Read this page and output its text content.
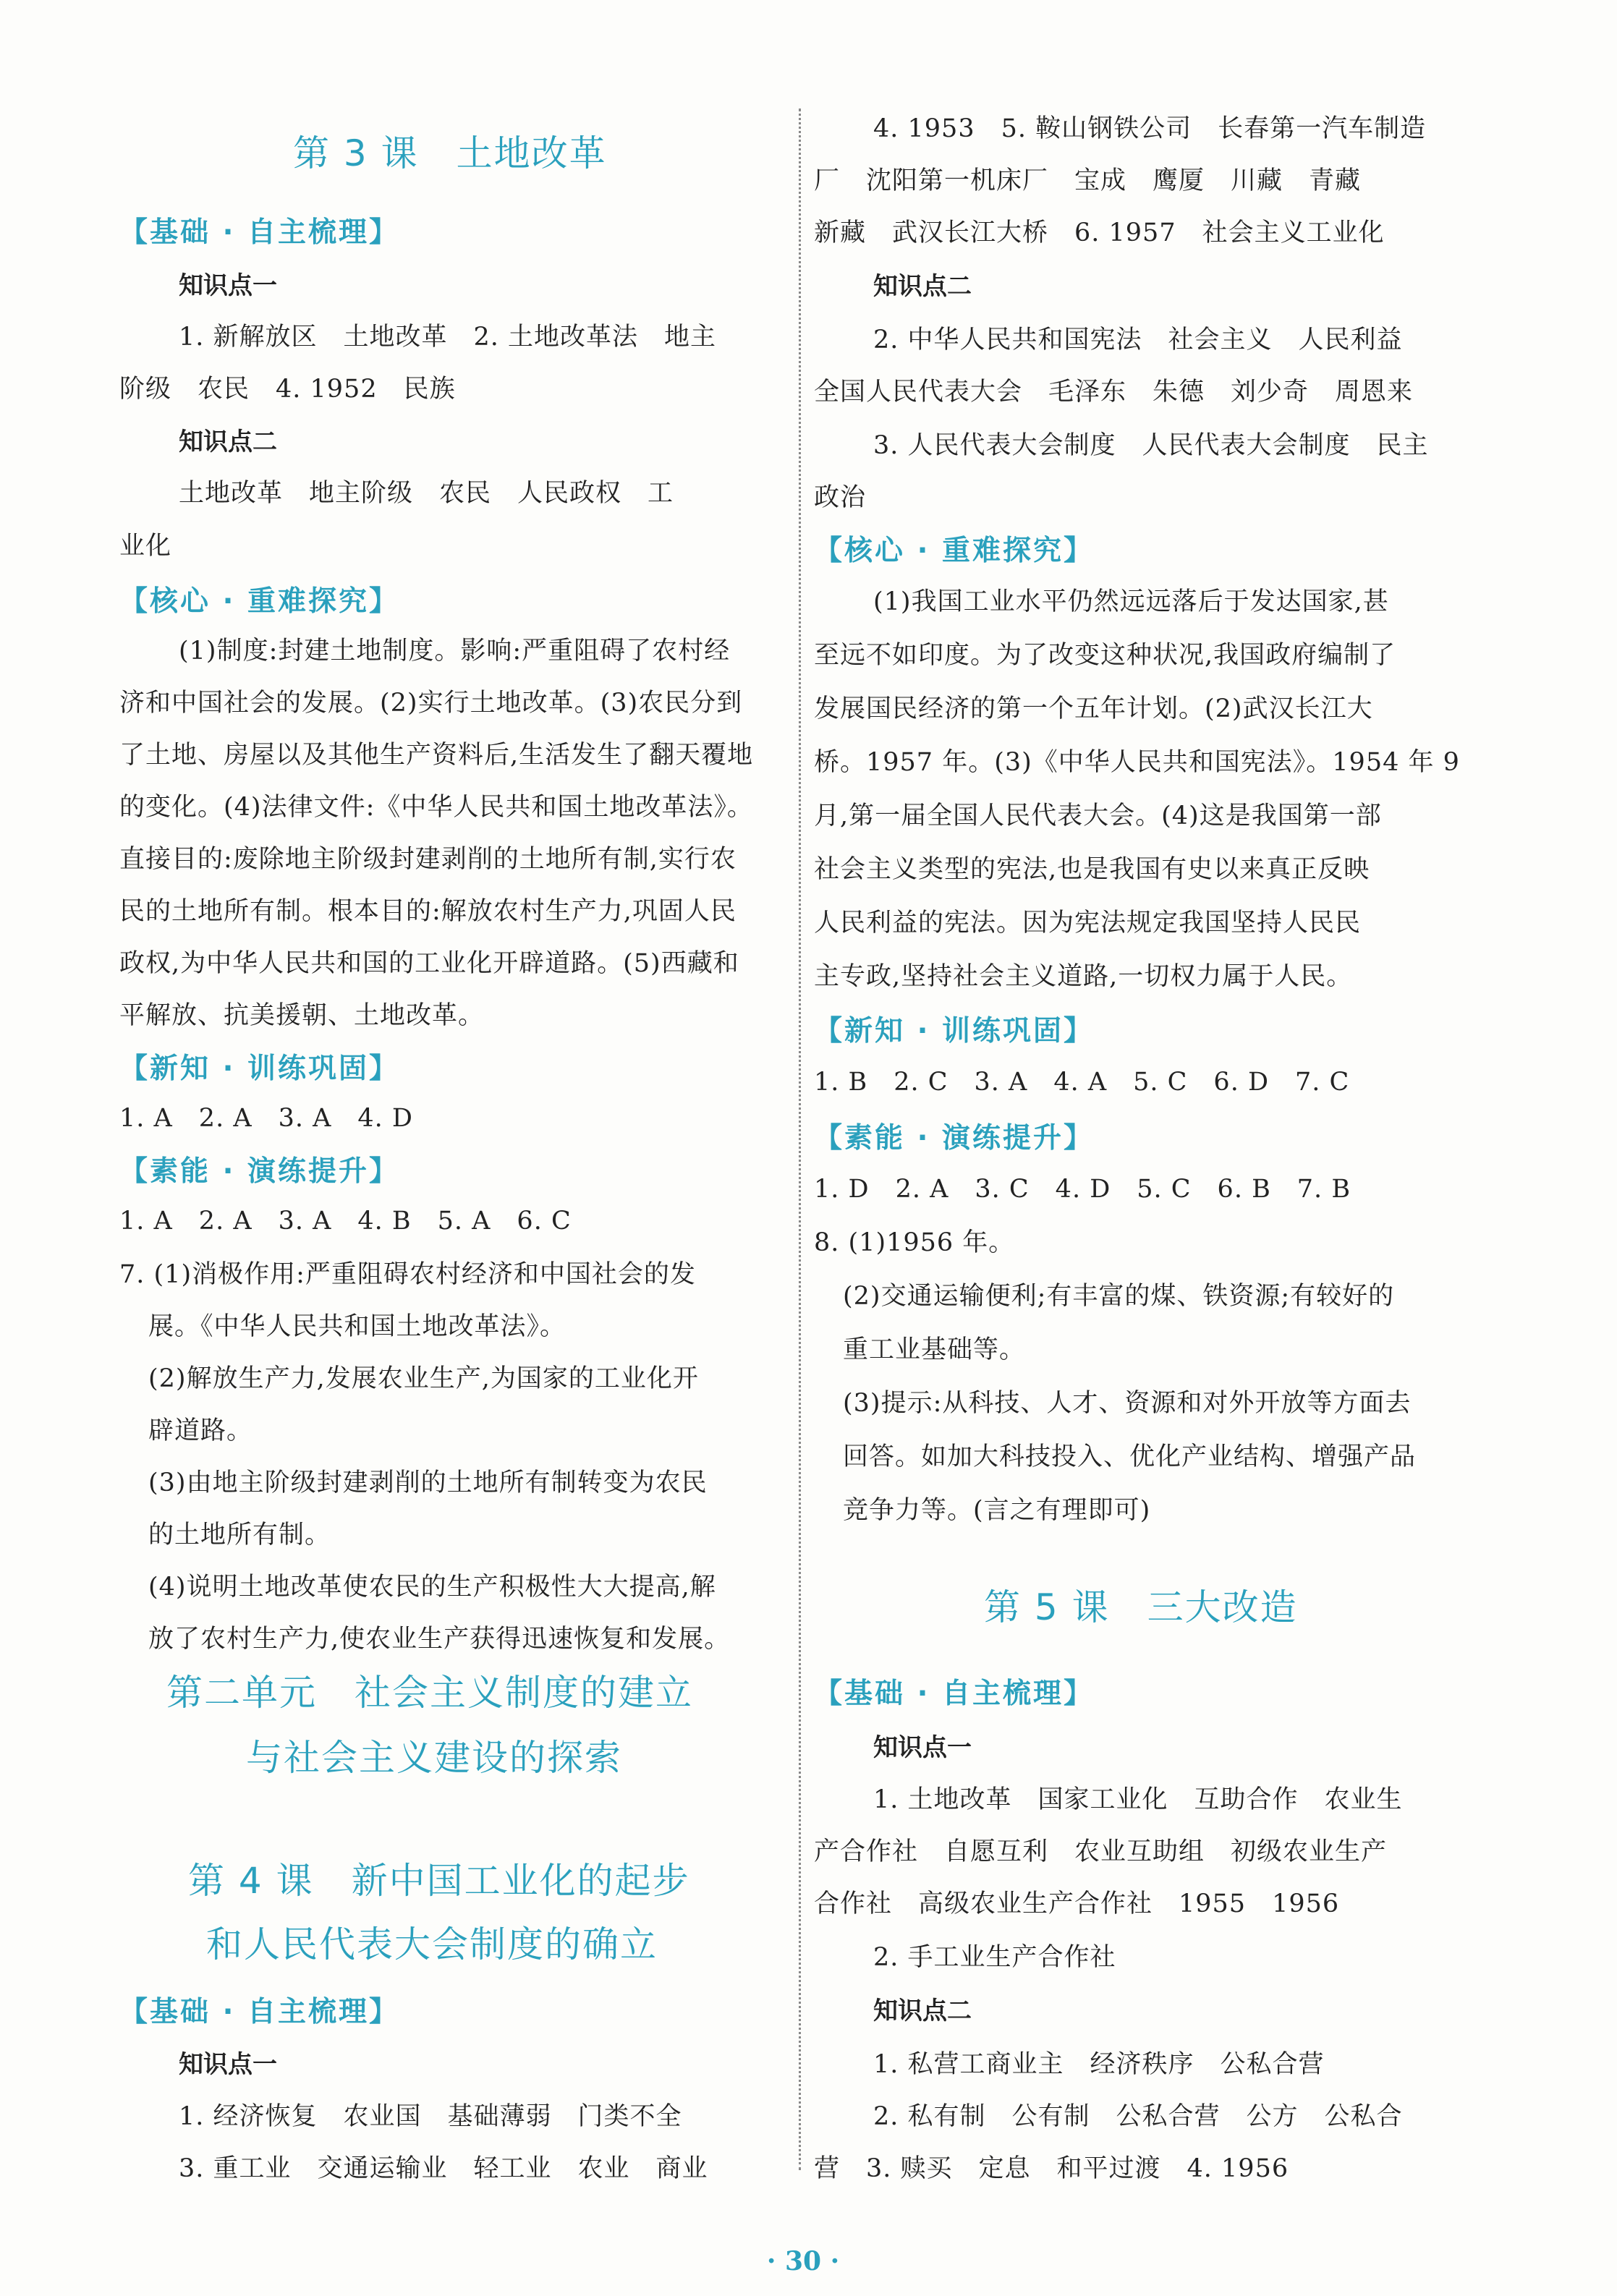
第 3 课　土地改革
【基础 · 自主梳理】
知识点一
1. 新解放区　土地改革　2. 土地改革法　地主
阶级　农民　4. 1952　民族
知识点二
土地改革　地主阶级　农民　人民政权　工
业化
【核心 · 重难探究】
(1)制度:封建土地制度。影响:严重阻碍了农村经
济和中国社会的发展。(2)实行土地改革。(3)农民分到
了土地、房屋以及其他生产资料后,生活发生了翻天覆地
的变化。(4)法律文件:《中华人民共和国土地改革法》。
直接目的:废除地主阶级封建剥削的土地所有制,实行农
民的土地所有制。根本目的:解放农村生产力,巩固人民
政权,为中华人民共和国的工业化开辟道路。(5)西藏和
平解放、抗美援朝、土地改革。
【新知 · 训练巩固】
1. A　2. A　3. A　4. D
【素能 · 演练提升】
1. A　2. A　3. A　4. B　5. A　6. C
7. (1)消极作用:严重阻碍农村经济和中国社会的发
展。《中华人民共和国土地改革法》。
(2)解放生产力,发展农业生产,为国家的工业化开
辟道路。
(3)由地主阶级封建剥削的土地所有制转变为农民
的土地所有制。
(4)说明土地改革使农民的生产积极性大大提高,解
放了农村生产力,使农业生产获得迅速恢复和发展。
第二单元　社会主义制度的建立
与社会主义建设的探索
第 4 课　新中国工业化的起步
和人民代表大会制度的确立
【基础 · 自主梳理】
知识点一
1. 经济恢复　农业国　基础薄弱　门类不全
3. 重工业　交通运输业　轻工业　农业　商业
4. 1953　5. 鞍山钢铁公司　长春第一汽车制造
厂　沈阳第一机床厂　宝成　鹰厦　川藏　青藏
新藏　武汉长江大桥　6. 1957　社会主义工业化
知识点二
2. 中华人民共和国宪法　社会主义　人民利益
全国人民代表大会　毛泽东　朱德　刘少奇　周恩来
3. 人民代表大会制度　人民代表大会制度　民主
政治
【核心 · 重难探究】
(1)我国工业水平仍然远远落后于发达国家,甚
至远不如印度。为了改变这种状况,我国政府编制了
发展国民经济的第一个五年计划。(2)武汉长江大
桥。1957 年。(3)《中华人民共和国宪法》。1954 年 9
月,第一届全国人民代表大会。(4)这是我国第一部
社会主义类型的宪法,也是我国有史以来真正反映
人民利益的宪法。因为宪法规定我国坚持人民民
主专政,坚持社会主义道路,一切权力属于人民。
【新知 · 训练巩固】
1. B　2. C　3. A　4. A　5. C　6. D　7. C
【素能 · 演练提升】
1. D　2. A　3. C　4. D　5. C　6. B　7. B
8. (1)1956 年。
(2)交通运输便利;有丰富的煤、铁资源;有较好的
重工业基础等。
(3)提示:从科技、人才、资源和对外开放等方面去
回答。如加大科技投入、优化产业结构、增强产品
竞争力等。(言之有理即可)
第 5 课　三大改造
【基础 · 自主梳理】
知识点一
1. 土地改革　国家工业化　互助合作　农业生
产合作社　自愿互利　农业互助组　初级农业生产
合作社　高级农业生产合作社　1955　1956
2. 手工业生产合作社
知识点二
1. 私营工商业主　经济秩序　公私合营
2. 私有制　公有制　公私合营　公方　公私合
营　3. 赎买　定息　和平过渡　4. 1956
· 30 ·
